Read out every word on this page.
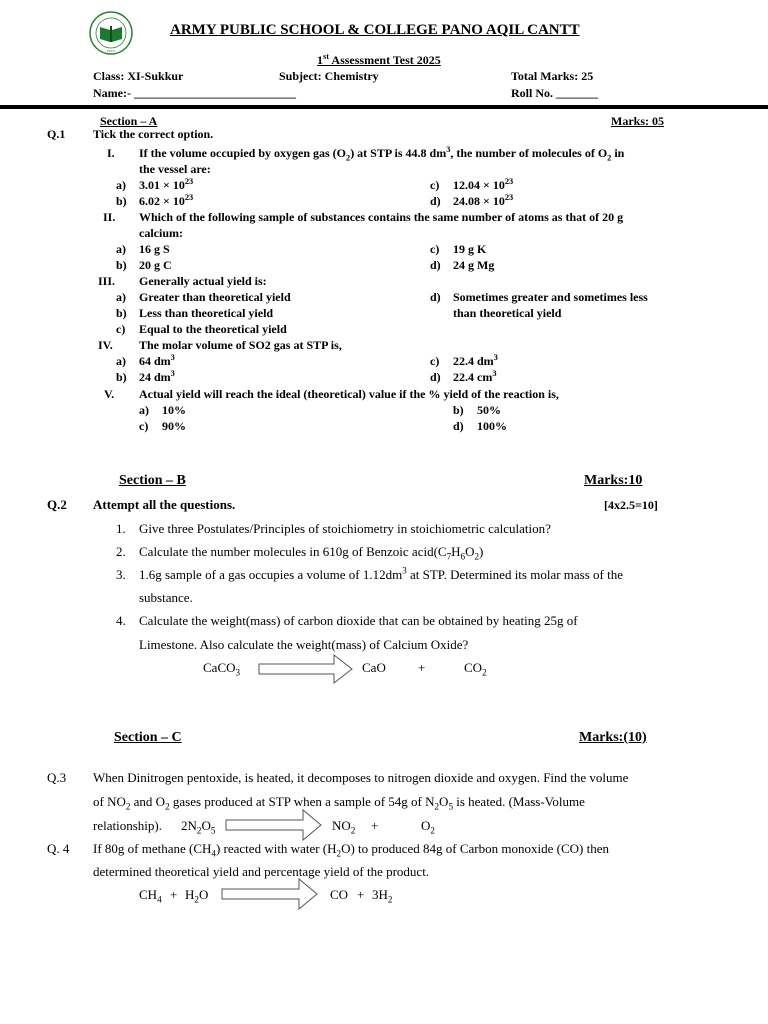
ESTD
ARMY PUBLIC SCHOOL & COLLEGE PANO AQIL CANTT
1st Assessment Test 2025
Class: XI-Sukkur	Subject: Chemistry	Total Marks: 25
Name:- ___________________________	Roll No. _______
Section – A	Marks: 05
Q.1 Tick the correct option.
I. If the volume occupied by oxygen gas $(O_2)$ at STP is 44.8 $dm^3$, the number of molecules of $O_2$ in
the vessel are:
a) $3.01 \times 10^{23}$
b) $6.02 \times 10^{23}$
c) $12.04 \times 10^{23}$
d) $24.08 \times 10^{23}$
II. Which of the following sample of substances contains the same number of atoms as that of 20 g
calcium:
a) 16 g S
b) 20 g C
c) 19 g K
d) 24 g Mg
III. Generally actual yield is:
a) Greater than theoretical yield
b) Less than theoretical yield
c) Equal to the theoretical yield
d) Sometimes greater and sometimes less
than theoretical yield
IV. The molar volume of SO2 gas at STP is,
a) 64 $dm^3$
b) 24 $dm^3$
c) 22.4 $dm^3$
d) 22.4 $cm^3$
V. Actual yield will reach the ideal (theoretical) value if the % yield of the reaction is,
a) 10%
c) 90%
b) 50%
d) 100%
Section – B	Marks:10
Q.2 Attempt all the questions.	[4x2.5=10]
1. Give three Postulates/Principles of stoichiometry in stoichiometric calculation?
2. Calculate the number molecules in 610g of Benzoic $acid(C_7H_6O_2)$
3. 1.6g sample of a gas occupies a volume of $1.12dm^3$ at STP. Determined its molar mass of the
substance.
4. Calculate the weight(mass) of carbon dioxide that can be obtained by heating 25g of
Limestone. Also calculate the weight(mass) of Calcium Oxide?
CaCO$_3$	CaO +	$CO_2$
Section – C	Marks:(10)
Q.3 When Dinitrogen pentoxide, is heated, it decomposes to nitrogen dioxide and oxygen. Find the volume
of $NO_2$ and $O_2$ gases produced at STP when a sample of 54g of $N_2O_5$ is heated. (Mass-Volume
relationship). $2N_2O_5$	$NO_2$ +	$O_2$
Q. 4 If 80g of methane $(CH_4)$ reacted with water $(H_2O)$ to produced 84g of Carbon monoxide (CO) then
determined theoretical yield and percentage yield of the product.
$CH_4 + H_2O$	CO + $3H_2$
